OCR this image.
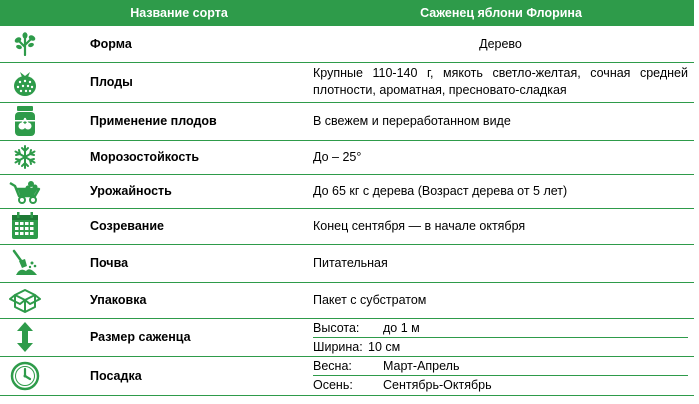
	Название сорта	Саженец яблони Флорина

	Форма	Дерево

	Плоды	Крупные 110-140 г, мякоть светло-желтая, сочная средней плотности, ароматная, пресновато-сладкая

	Применение плодов	В свежем и переработанном виде

	Морозостойкость	До – 25°

	Урожайность	До 65 кг с дерева (Возраст дерева от 5 лет)

	Созревание	Конец сентября — в начале октября

	Почва	Питательная

	Упаковка	Пакет с субстратом

	Размер саженца	Высота: до 1 м
Ширина: 10 см

	Посадка	Весна: Март-Апрель
Осень: Сентябрь-Октябрь
